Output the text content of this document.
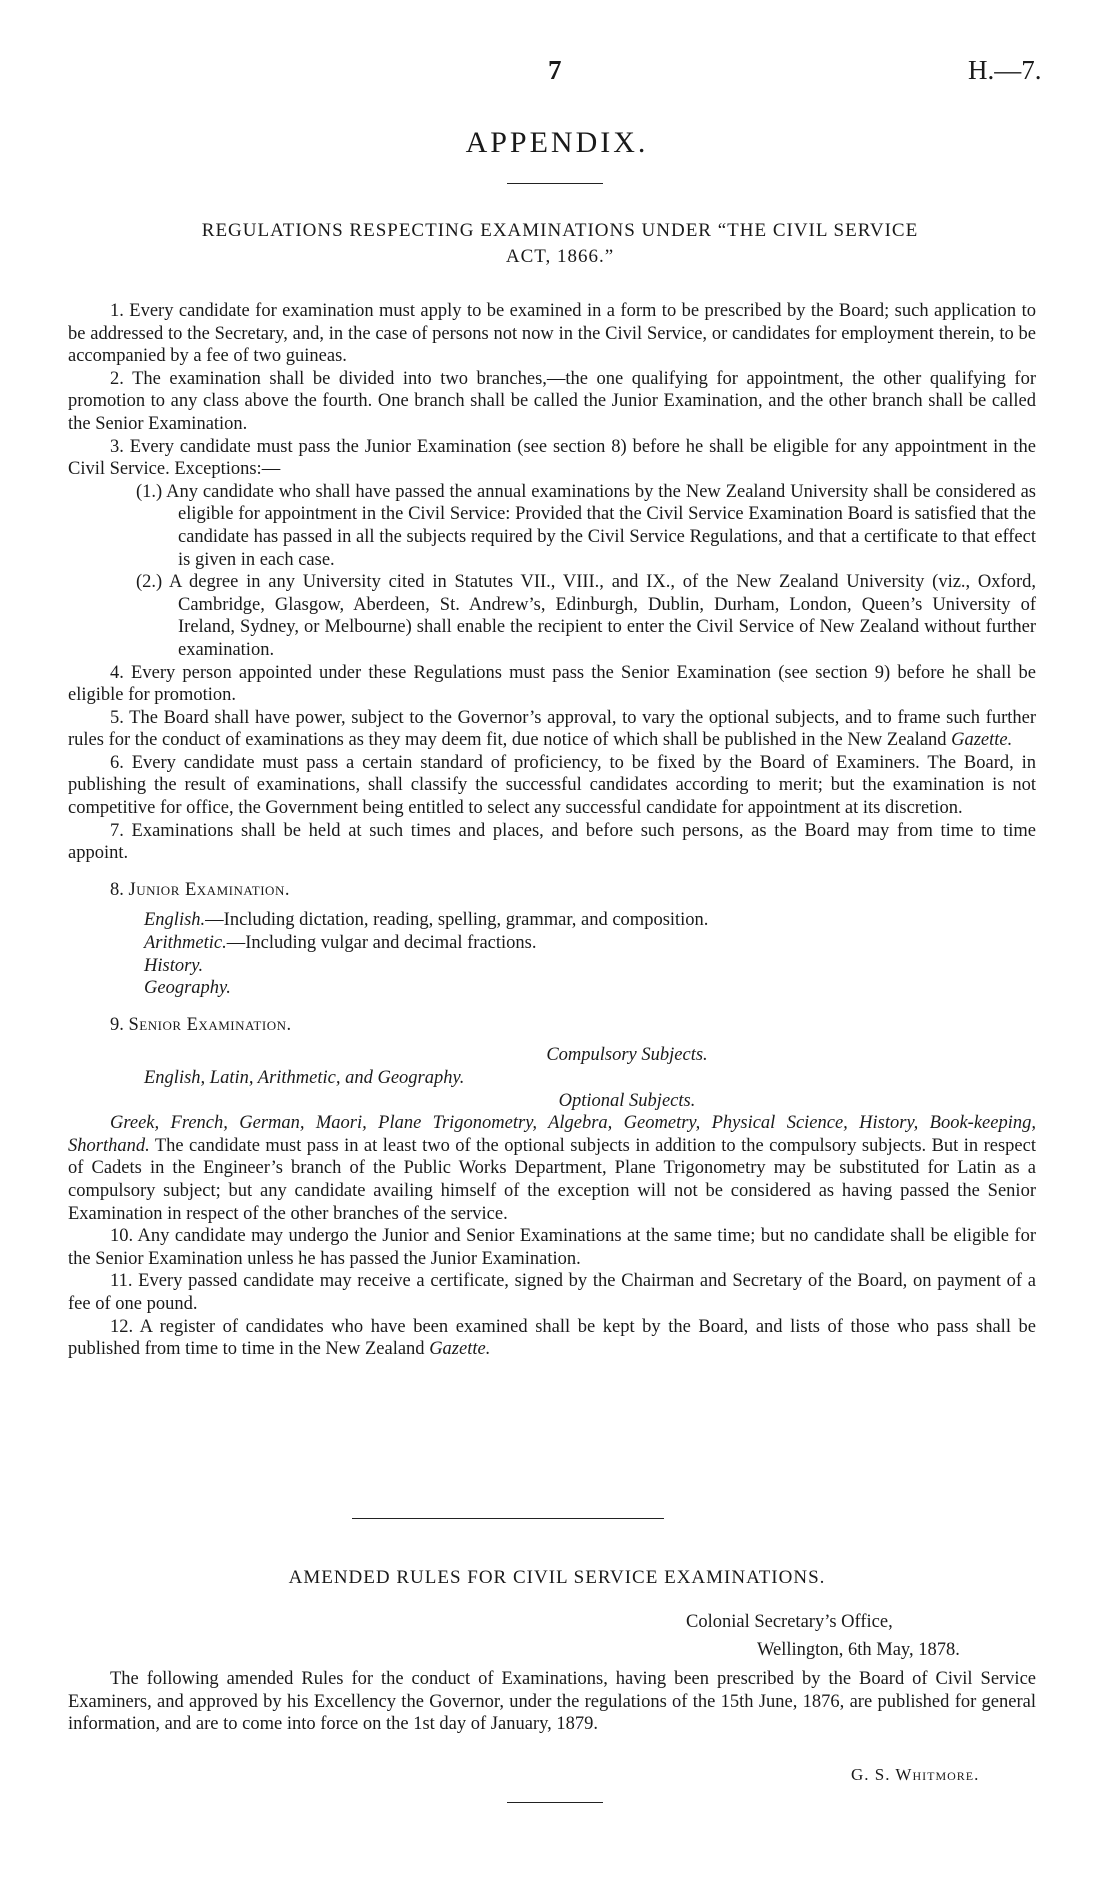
7	H.—7.
APPENDIX.
REGULATIONS RESPECTING EXAMINATIONS UNDER “THE CIVIL SERVICE
ACT, 1866.”

1. Every candidate for examination must apply to be examined in a form to be prescribed by the Board; such application to be addressed to the Secretary, and, in the case of persons not now in the Civil Service, or candidates for employment therein, to be accompanied by a fee of two guineas.

2. The examination shall be divided into two branches,—the one qualifying for appointment, the other qualifying for promotion to any class above the fourth. One branch shall be called the Junior Examination, and the other branch shall be called the Senior Examination.

3. Every candidate must pass the Junior Examination (see section 8) before he shall be eligible for any appointment in the Civil Service. Exceptions:—

(1.) Any candidate who shall have passed the annual examinations by the New Zealand University shall be considered as eligible for appointment in the Civil Service: Provided that the Civil Service Examination Board is satisfied that the candidate has passed in all the subjects required by the Civil Service Regulations, and that a certificate to that effect is given in each case.

(2.) A degree in any University cited in Statutes VII., VIII., and IX., of the New Zealand University (viz., Oxford, Cambridge, Glasgow, Aberdeen, St. Andrew’s, Edinburgh, Dublin, Durham, London, Queen’s University of Ireland, Sydney, or Melbourne) shall enable the recipient to enter the Civil Service of New Zealand without further examination.

4. Every person appointed under these Regulations must pass the Senior Examination (see section 9) before he shall be eligible for promotion.

5. The Board shall have power, subject to the Governor’s approval, to vary the optional subjects, and to frame such further rules for the conduct of examinations as they may deem fit, due notice of which shall be published in the New Zealand Gazette.

6. Every candidate must pass a certain standard of proficiency, to be fixed by the Board of Examiners. The Board, in publishing the result of examinations, shall classify the successful candidates according to merit; but the examination is not competitive for office, the Government being entitled to select any successful candidate for appointment at its discretion.

7. Examinations shall be held at such times and places, and before such persons, as the Board may from time to time appoint.

8. Junior Examination.

English.—Including dictation, reading, spelling, grammar, and composition.

Arithmetic.—Including vulgar and decimal fractions.

History.

Geography.

9. Senior Examination.

Compulsory Subjects.

English, Latin, Arithmetic, and Geography.

Optional Subjects.

Greek, French, German, Maori, Plane Trigonometry, Algebra, Geometry, Physical Science, History, Book-keeping, Shorthand. The candidate must pass in at least two of the optional subjects in addition to the compulsory subjects. But in respect of Cadets in the Engineer’s branch of the Public Works Department, Plane Trigonometry may be substituted for Latin as a compulsory subject; but any candidate availing himself of the exception will not be considered as having passed the Senior Examination in respect of the other branches of the service.

10. Any candidate may undergo the Junior and Senior Examinations at the same time; but no candidate shall be eligible for the Senior Examination unless he has passed the Junior Examination.

11. Every passed candidate may receive a certificate, signed by the Chairman and Secretary of the Board, on payment of a fee of one pound.

12. A register of candidates who have been examined shall be kept by the Board, and lists of those who pass shall be published from time to time in the New Zealand Gazette.

AMENDED RULES FOR CIVIL SERVICE EXAMINATIONS.
Colonial Secretary’s Office,
Wellington, 6th May, 1878.

The following amended Rules for the conduct of Examinations, having been prescribed by the Board of Civil Service Examiners, and approved by his Excellency the Governor, under the regulations of the 15th June, 1876, are published for general information, and are to come into force on the 1st day of January, 1879.

G. S. Whitmore.
